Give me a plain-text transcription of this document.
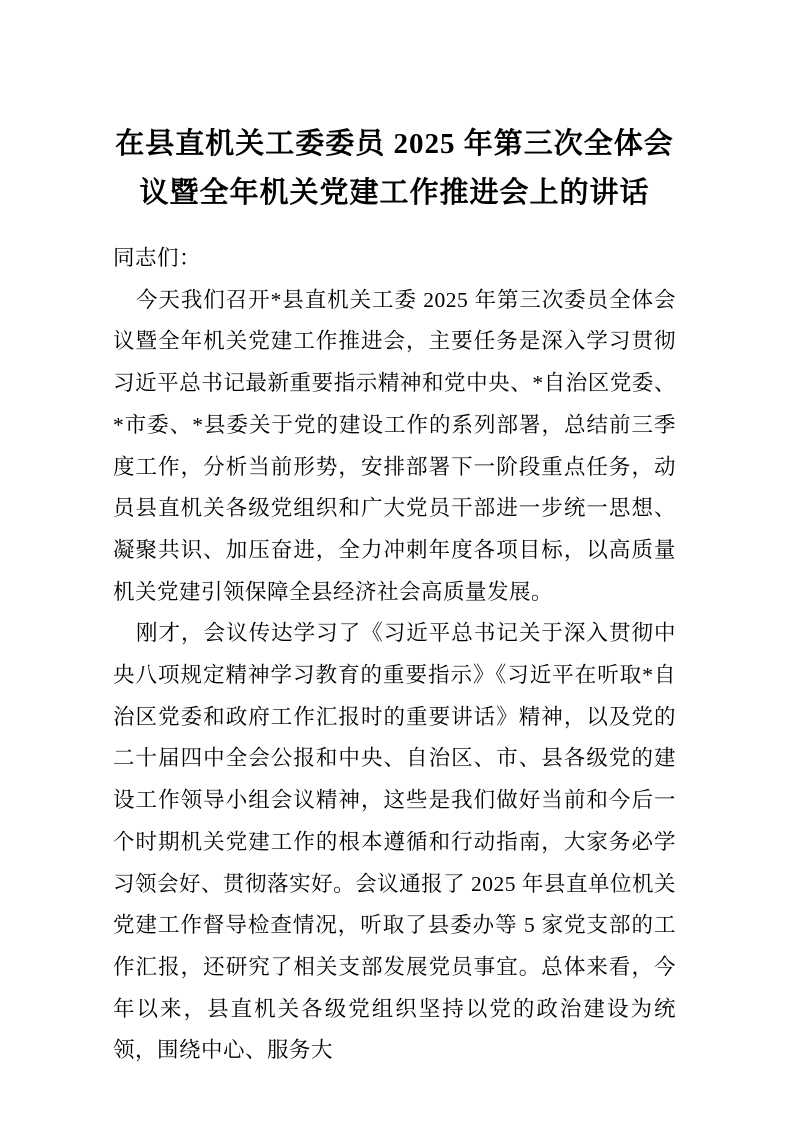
在县直机关工委委员 2025 年第三次全体会
议暨全年机关党建工作推进会上的讲话

同志们：

今天我们召开*县直机关工委 2025 年第三次委员全体会议暨全年机关党建工作推进会，主要任务是深入学习贯彻习近平总书记最新重要指示精神和党中央、*自治区党委、*市委、*县委关于党的建设工作的系列部署，总结前三季度工作，分析当前形势，安排部署下一阶段重点任务，动员县直机关各级党组织和广大党员干部进一步统一思想、凝聚共识、加压奋进，全力冲刺年度各项目标，以高质量机关党建引领保障全县经济社会高质量发展。

刚才，会议传达学习了《习近平总书记关于深入贯彻中央八项规定精神学习教育的重要指示》《习近平在听取*自治区党委和政府工作汇报时的重要讲话》精神，以及党的二十届四中全会公报和中央、自治区、市、县各级党的建设工作领导小组会议精神，这些是我们做好当前和今后一个时期机关党建工作的根本遵循和行动指南，大家务必学习领会好、贯彻落实好。会议通报了 2025 年县直单位机关党建工作督导检查情况，听取了县委办等 5 家党支部的工作汇报，还研究了相关支部发展党员事宜。总体来看，今年以来，县直机关各级党组织坚持以党的政治建设为统领，围绕中心、服务大
